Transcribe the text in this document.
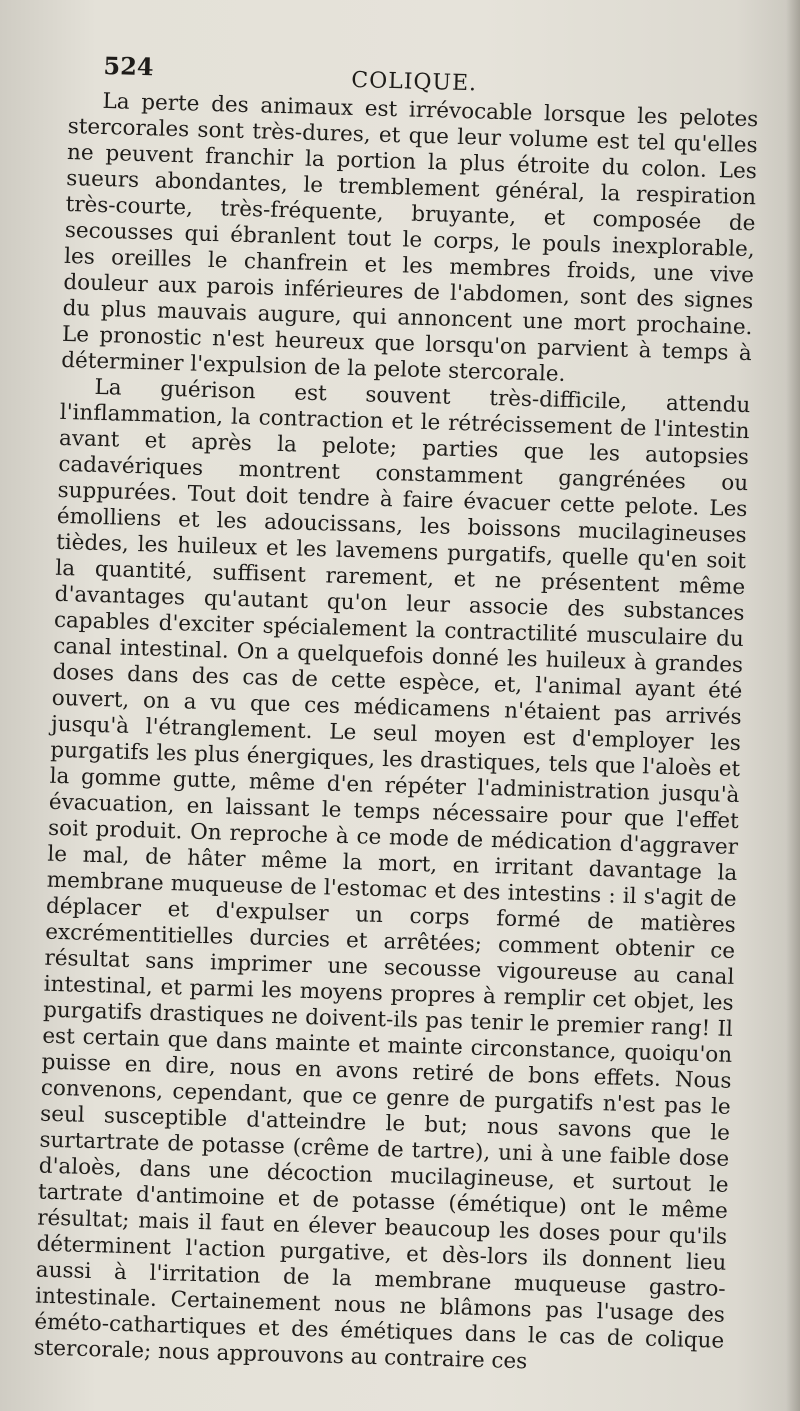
524
COLIQUE.

La perte des animaux est irrévocable lorsque les pelotes stercorales sont très-dures, et que leur volume est tel qu'elles ne peuvent franchir la portion la plus étroite du colon. Les sueurs abondantes, le tremblement général, la respiration très-courte, très-fréquente, bruyante, et composée de secousses qui ébranlent tout le corps, le pouls inexplorable, les oreilles le chanfrein et les membres froids, une vive douleur aux parois inférieures de l'abdomen, sont des signes du plus mauvais augure, qui annoncent une mort prochaine. Le pronostic n'est heureux que lorsqu'on parvient à temps à déterminer l'expulsion de la pelote stercorale.

La guérison est souvent très-difficile, attendu l'inflammation, la contraction et le rétrécissement de l'intestin avant et après la pelote; parties que les autopsies cadavériques montrent constamment gangrénées ou suppurées. Tout doit tendre à faire évacuer cette pelote. Les émolliens et les adoucissans, les boissons mucilagineuses tièdes, les huileux et les lavemens purgatifs, quelle qu'en soit la quantité, suffisent rarement, et ne présentent même d'avantages qu'autant qu'on leur associe des substances capables d'exciter spécialement la contractilité musculaire du canal intestinal. On a quelquefois donné les huileux à grandes doses dans des cas de cette espèce, et, l'animal ayant été ouvert, on a vu que ces médicamens n'étaient pas arrivés jusqu'à l'étranglement. Le seul moyen est d'employer les purgatifs les plus énergiques, les drastiques, tels que l'aloès et la gomme gutte, même d'en répéter l'administration jusqu'à évacuation, en laissant le temps nécessaire pour que l'effet soit produit. On reproche à ce mode de médication d'aggraver le mal, de hâter même la mort, en irritant davantage la membrane muqueuse de l'estomac et des intestins : il s'agit de déplacer et d'expulser un corps formé de matières excrémentitielles durcies et arrêtées; comment obtenir ce résultat sans imprimer une secousse vigoureuse au canal intestinal, et parmi les moyens propres à remplir cet objet, les purgatifs drastiques ne doivent-ils pas tenir le premier rang! Il est certain que dans mainte et mainte circonstance, quoiqu'on puisse en dire, nous en avons retiré de bons effets. Nous convenons, cependant, que ce genre de purgatifs n'est pas le seul susceptible d'atteindre le but; nous savons que le surtartrate de potasse (crême de tartre), uni à une faible dose d'aloès, dans une décoction mucilagineuse, et surtout le tartrate d'antimoine et de potasse (émétique) ont le même résultat; mais il faut en élever beaucoup les doses pour qu'ils déterminent l'action purgative, et dès-lors ils donnent lieu aussi à l'irritation de la membrane muqueuse gastro-intestinale. Certainement nous ne blâmons pas l'usage des éméto-cathartiques et des émétiques dans le cas de colique stercorale; nous approuvons au contraire ces
